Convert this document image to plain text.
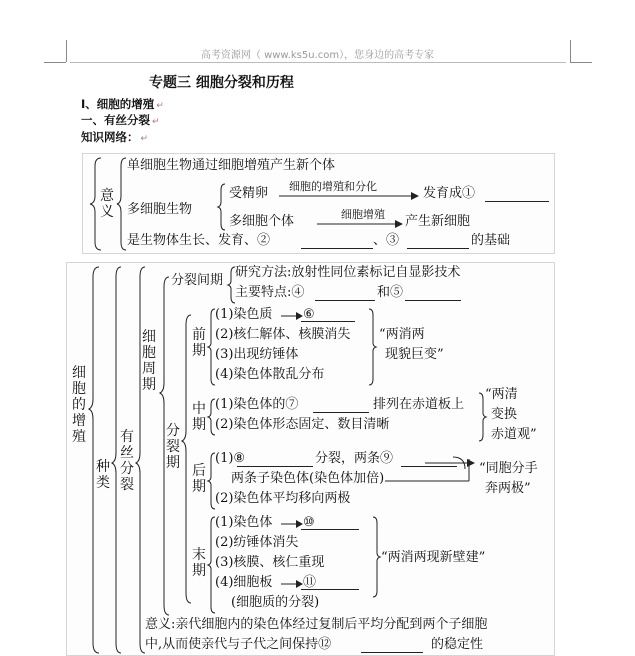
高考资源网（ www.ks5u.com），您身边的高考专家
专题三 细胞分裂和历程
Ⅰ、细胞的增殖 ↵
一、有丝分裂 ↵
知识网络： ↵
意义
单细胞生物通过细胞增殖产生新个体
多细胞生物
受精卵 细胞的增殖和分化	发育成①
多细胞个体	细胞增殖 产生新细胞
是生物体生长、发育、②	、③	的基础
细胞的增殖
种类
有丝分裂
细胞周期
分裂间期
研究方法:放射性同位素标记自显影技术
主要特点:④	和⑤
分裂期
前期
(1)染色质 ⑥
(2)核仁解体、核膜消失
(3)出现纺锤体
(4)染色体散乱分布
“两消两
现貌巨变”
中期
(1)染色体的⑦	排列在赤道板上
(2)染色体形态固定、数目清晰
“两清
变换
赤道观”
后期
(1)⑧	分裂，两条⑨
两条子染色体(染色体加倍)
(2)染色体平均移向两极
“同胞分手
奔两极”
末期
(1)染色体 ⑩
(2)纺锤体消失
(3)核膜、核仁重现
(4)细胞板 ⑪
(细胞质的分裂)
“两消两现新壁建”
意义:亲代细胞内的染色体经过复制后平均分配到两个子细胞
中,从而使亲代与子代之间保持⑫	的稳定性
